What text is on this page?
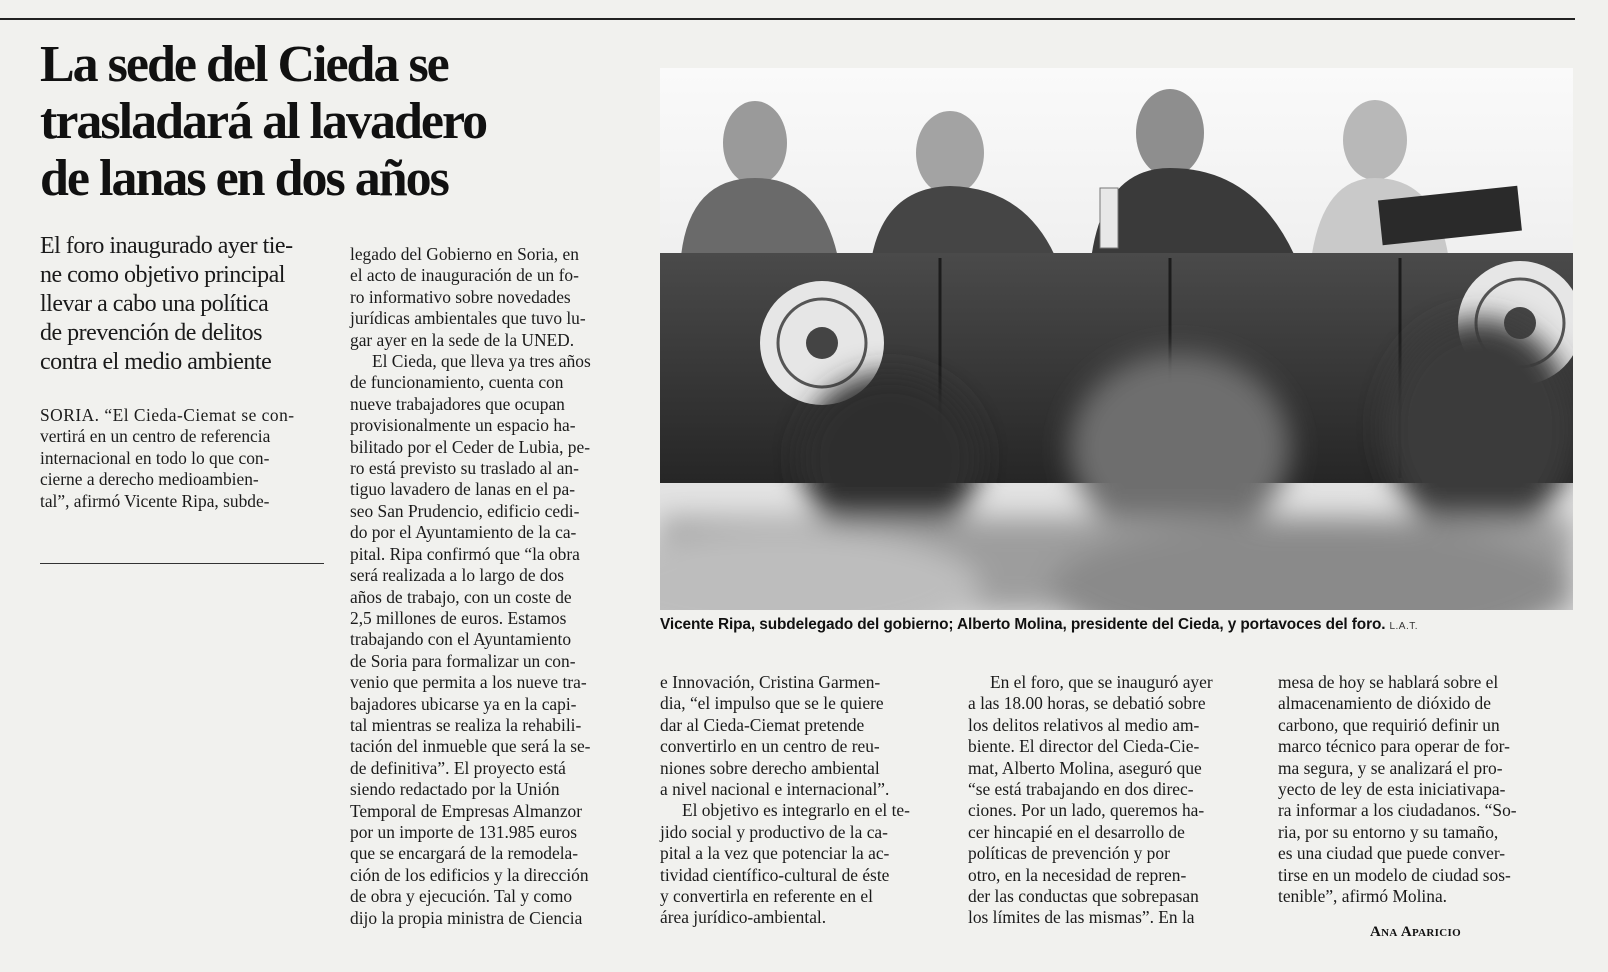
La sede del Cieda se
trasladará al lavadero
de lanas en dos años

El foro inaugurado ayer tie-
ne como objetivo principal
llevar a cabo una política
de prevención de delitos
contra el medio ambiente

SORIA. “El Cieda-Ciemat se con-
vertirá en un centro de referencia
internacional en todo lo que con-
cierne a derecho medioambien-
tal”, afirmó Vicente Ripa, subde-
legado del Gobierno en Soria, en
el acto de inauguración de un fo-
ro informativo sobre novedades
jurídicas ambientales que tuvo lu-
gar ayer en la sede de la UNED.
El Cieda, que lleva ya tres años
de funcionamiento, cuenta con
nueve trabajadores que ocupan
provisionalmente un espacio ha-
bilitado por el Ceder de Lubia, pe-
ro está previsto su traslado al an-
tiguo lavadero de lanas en el pa-
seo San Prudencio, edificio cedi-
do por el Ayuntamiento de la ca-
pital. Ripa confirmó que “la obra
será realizada a lo largo de dos
años de trabajo, con un coste de
2,5 millones de euros. Estamos
trabajando con el Ayuntamiento
de Soria para formalizar un con-
venio que permita a los nueve tra-
bajadores ubicarse ya en la capi-
tal mientras se realiza la rehabili-
tación del inmueble que será la se-
de definitiva”. El proyecto está
siendo redactado por la Unión
Temporal de Empresas Almanzor
por un importe de 131.985 euros
que se encargará de la remodela-
ción de los edificios y la dirección
de obra y ejecución. Tal y como
dijo la propia ministra de Ciencia
e Innovación, Cristina Garmen-
dia, “el impulso que se le quiere
dar al Cieda-Ciemat pretende
convertirlo en un centro de reu-
niones sobre derecho ambiental
a nivel nacional e internacional”.
El objetivo es integrarlo en el te-
jido social y productivo de la ca-
pital a la vez que potenciar la ac-
tividad científico-cultural de éste
y convertirla en referente en el
área jurídico-ambiental.
En el foro, que se inauguró ayer
a las 18.00 horas, se debatió sobre
los delitos relativos al medio am-
biente. El director del Cieda-Cie-
mat, Alberto Molina, aseguró que
“se está trabajando en dos direc-
ciones. Por un lado, queremos ha-
cer hincapié en el desarrollo de
políticas de prevención y por
otro, en la necesidad de repren-
der las conductas que sobrepasan
los límites de las mismas”. En la
mesa de hoy se hablará sobre el
almacenamiento de dióxido de
carbono, que requirió definir un
marco técnico para operar de for-
ma segura, y se analizará el pro-
yecto de ley de esta iniciativapa-
ra informar a los ciudadanos. “So-
ria, por su entorno y su tamaño,
es una ciudad que puede conver-
tirse en un modelo de ciudad sos-
tenible”, afirmó Molina.
Vicente Ripa, subdelegado del gobierno; Alberto Molina, presidente del Cieda, y portavoces del foro. L.A.T.
Ana Aparicio
